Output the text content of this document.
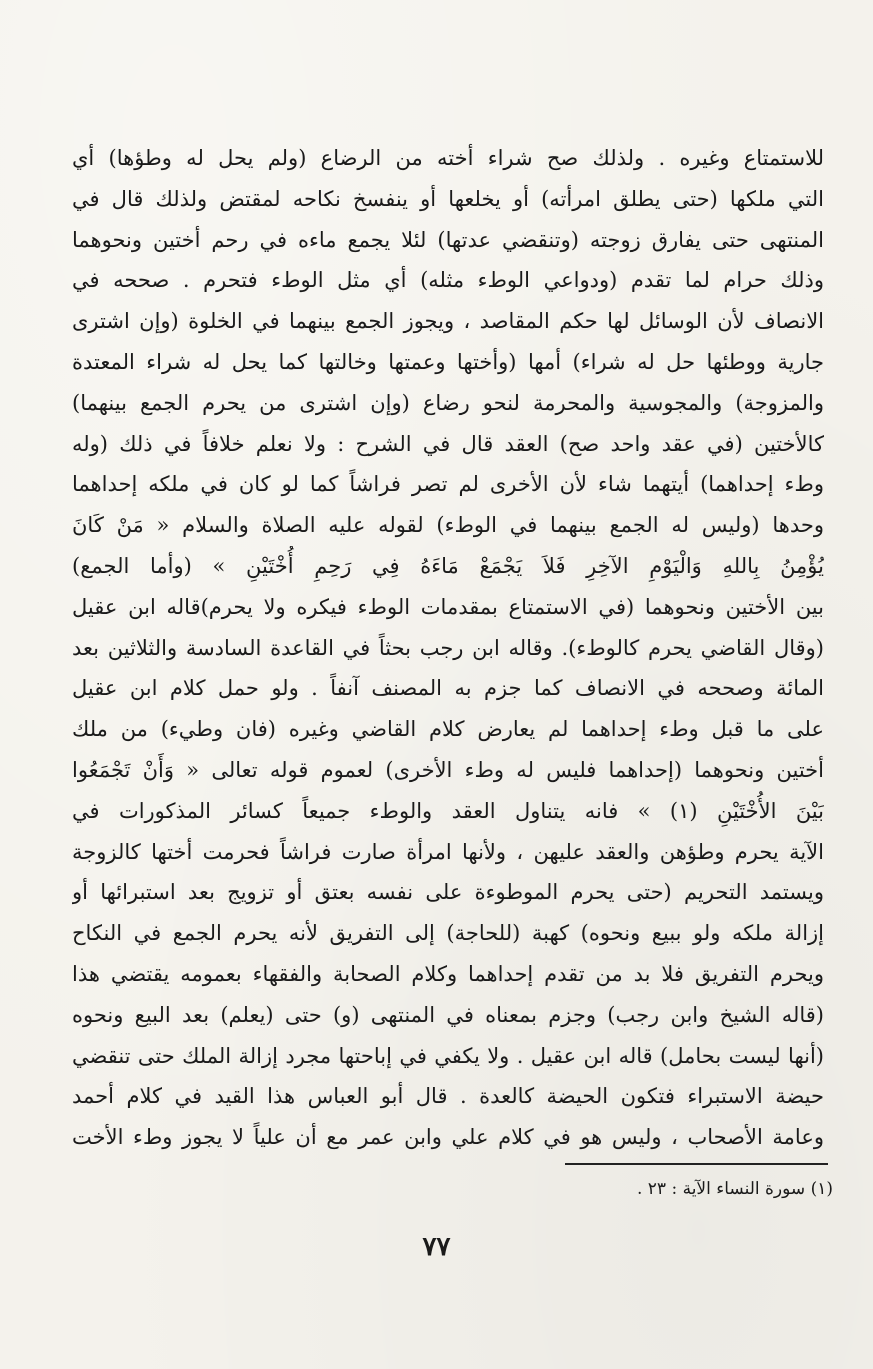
للاستمتاع وغيره . ولذلك صح شراء أخته من الرضاع (ولم يحل له وطؤها) أي
التي ملكها (حتى يطلق امرأته) أو يخلعها أو ينفسخ نكاحه لمقتض ولذلك قال في
المنتهى حتى يفارق زوجته (وتنقضي عدتها) لئلا يجمع ماءه في رحم أختين ونحوهما
وذلك حرام لما تقدم (ودواعي الوطء مثله) أي مثل الوطء فتحرم . صححه في
الانصاف لأن الوسائل لها حكم المقاصد ، ويجوز الجمع بينهما في الخلوة (وإن اشترى
جارية ووطئها حل له شراء) أمها (وأختها وعمتها وخالتها كما يحل له شراء المعتدة
والمزوجة) والمجوسية والمحرمة لنحو رضاع (وإن اشترى من يحرم الجمع بينهما)
كالأختين (في عقد واحد صح) العقد قال في الشرح : ولا نعلم خلافاً في ذلك (وله
وطء إحداهما) أيتهما شاء لأن الأخرى لم تصر فراشاً كما لو كان في ملكه إحداهما
وحدها (وليس له الجمع بينهما في الوطء) لقوله عليه الصلاة والسلام « مَنْ كَانَ
يُؤْمِنُ بِاللهِ وَالْيَوْمِ الآخِرِ فَلاَ يَجْمَعْ مَاءَهُ فِي رَحِمِ أُخْتَيْنِ » (وأما الجمع)
بين الأختين ونحوهما (في الاستمتاع بمقدمات الوطء فيكره ولا يحرم)قاله ابن عقيل
(وقال القاضي يحرم كالوطء). وقاله ابن رجب بحثاً في القاعدة السادسة والثلاثين بعد
المائة وصححه في الانصاف كما جزم به المصنف آنفاً . ولو حمل كلام ابن عقيل
على ما قبل وطء إحداهما لم يعارض كلام القاضي وغيره (فان وطيء) من ملك
أختين ونحوهما (إحداهما فليس له وطء الأخرى) لعموم قوله تعالى « وَأَنْ تَجْمَعُوا
بَيْنَ الأُخْتَيْنِ (١) » فانه يتناول العقد والوطء جميعاً كسائر المذكورات في
الآية يحرم وطؤهن والعقد عليهن ، ولأنها امرأة صارت فراشاً فحرمت أختها كالزوجة
ويستمد التحريم (حتى يحرم الموطوءة على نفسه بعتق أو تزويج بعد استبرائها أو
إزالة ملكه ولو ببيع ونحوه) كهبة (للحاجة) إلى التفريق لأنه يحرم الجمع في النكاح
ويحرم التفريق فلا بد من تقدم إحداهما وكلام الصحابة والفقهاء بعمومه يقتضي هذا
(قاله الشيخ وابن رجب) وجزم بمعناه في المنتهى (و) حتى (يعلم) بعد البيع ونحوه
(أنها ليست بحامل) قاله ابن عقيل . ولا يكفي في إباحتها مجرد إزالة الملك حتى تنقضي
حيضة الاستبراء فتكون الحيضة كالعدة . قال أبو العباس هذا القيد في كلام أحمد
وعامة الأصحاب ، وليس هو في كلام علي وابن عمر مع أن علياً لا يجوز وطء الأخت
(١) سورة النساء الآية : ٢٣ .
٧٧
